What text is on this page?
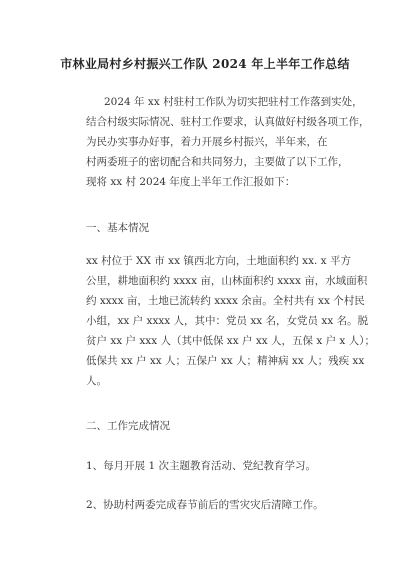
市林业局村乡村振兴工作队 2024 年上半年工作总结
2024 年 xx 村驻村工作队为切实把驻村工作落到实处，
结合村级实际情况、驻村工作要求，认真做好村级各项工作，
为民办实事办好事，着力开展乡村振兴，半年来，在
村两委班子的密切配合和共同努力，主要做了以下工作，
现将 xx 村 2024 年度上半年工作汇报如下：
一、基本情况
xx 村位于 XX 市 xx 镇西北方向，土地面积约 xx. x 平方
公里，耕地面积约 xxxx 亩，山林面积约 xxxx 亩，水域面积
约 xxxx 亩，土地已流转约 xxxx 余亩。全村共有 xx 个村民
小组，xx 户 xxxx 人，其中：党员 xx 名，女党员 xx 名。脱
贫户 xx 户 xxx 人（其中低保 xx 户 xx 人，五保 x 户 x 人）；
低保共 xx 户 xx 人；五保户 xx 人；精神病 xx 人；残疾 xx
人。
二、工作完成情况
1、每月开展 1 次主题教育活动、党纪教育学习。
2、协助村两委完成春节前后的雪灾灾后清障工作。
